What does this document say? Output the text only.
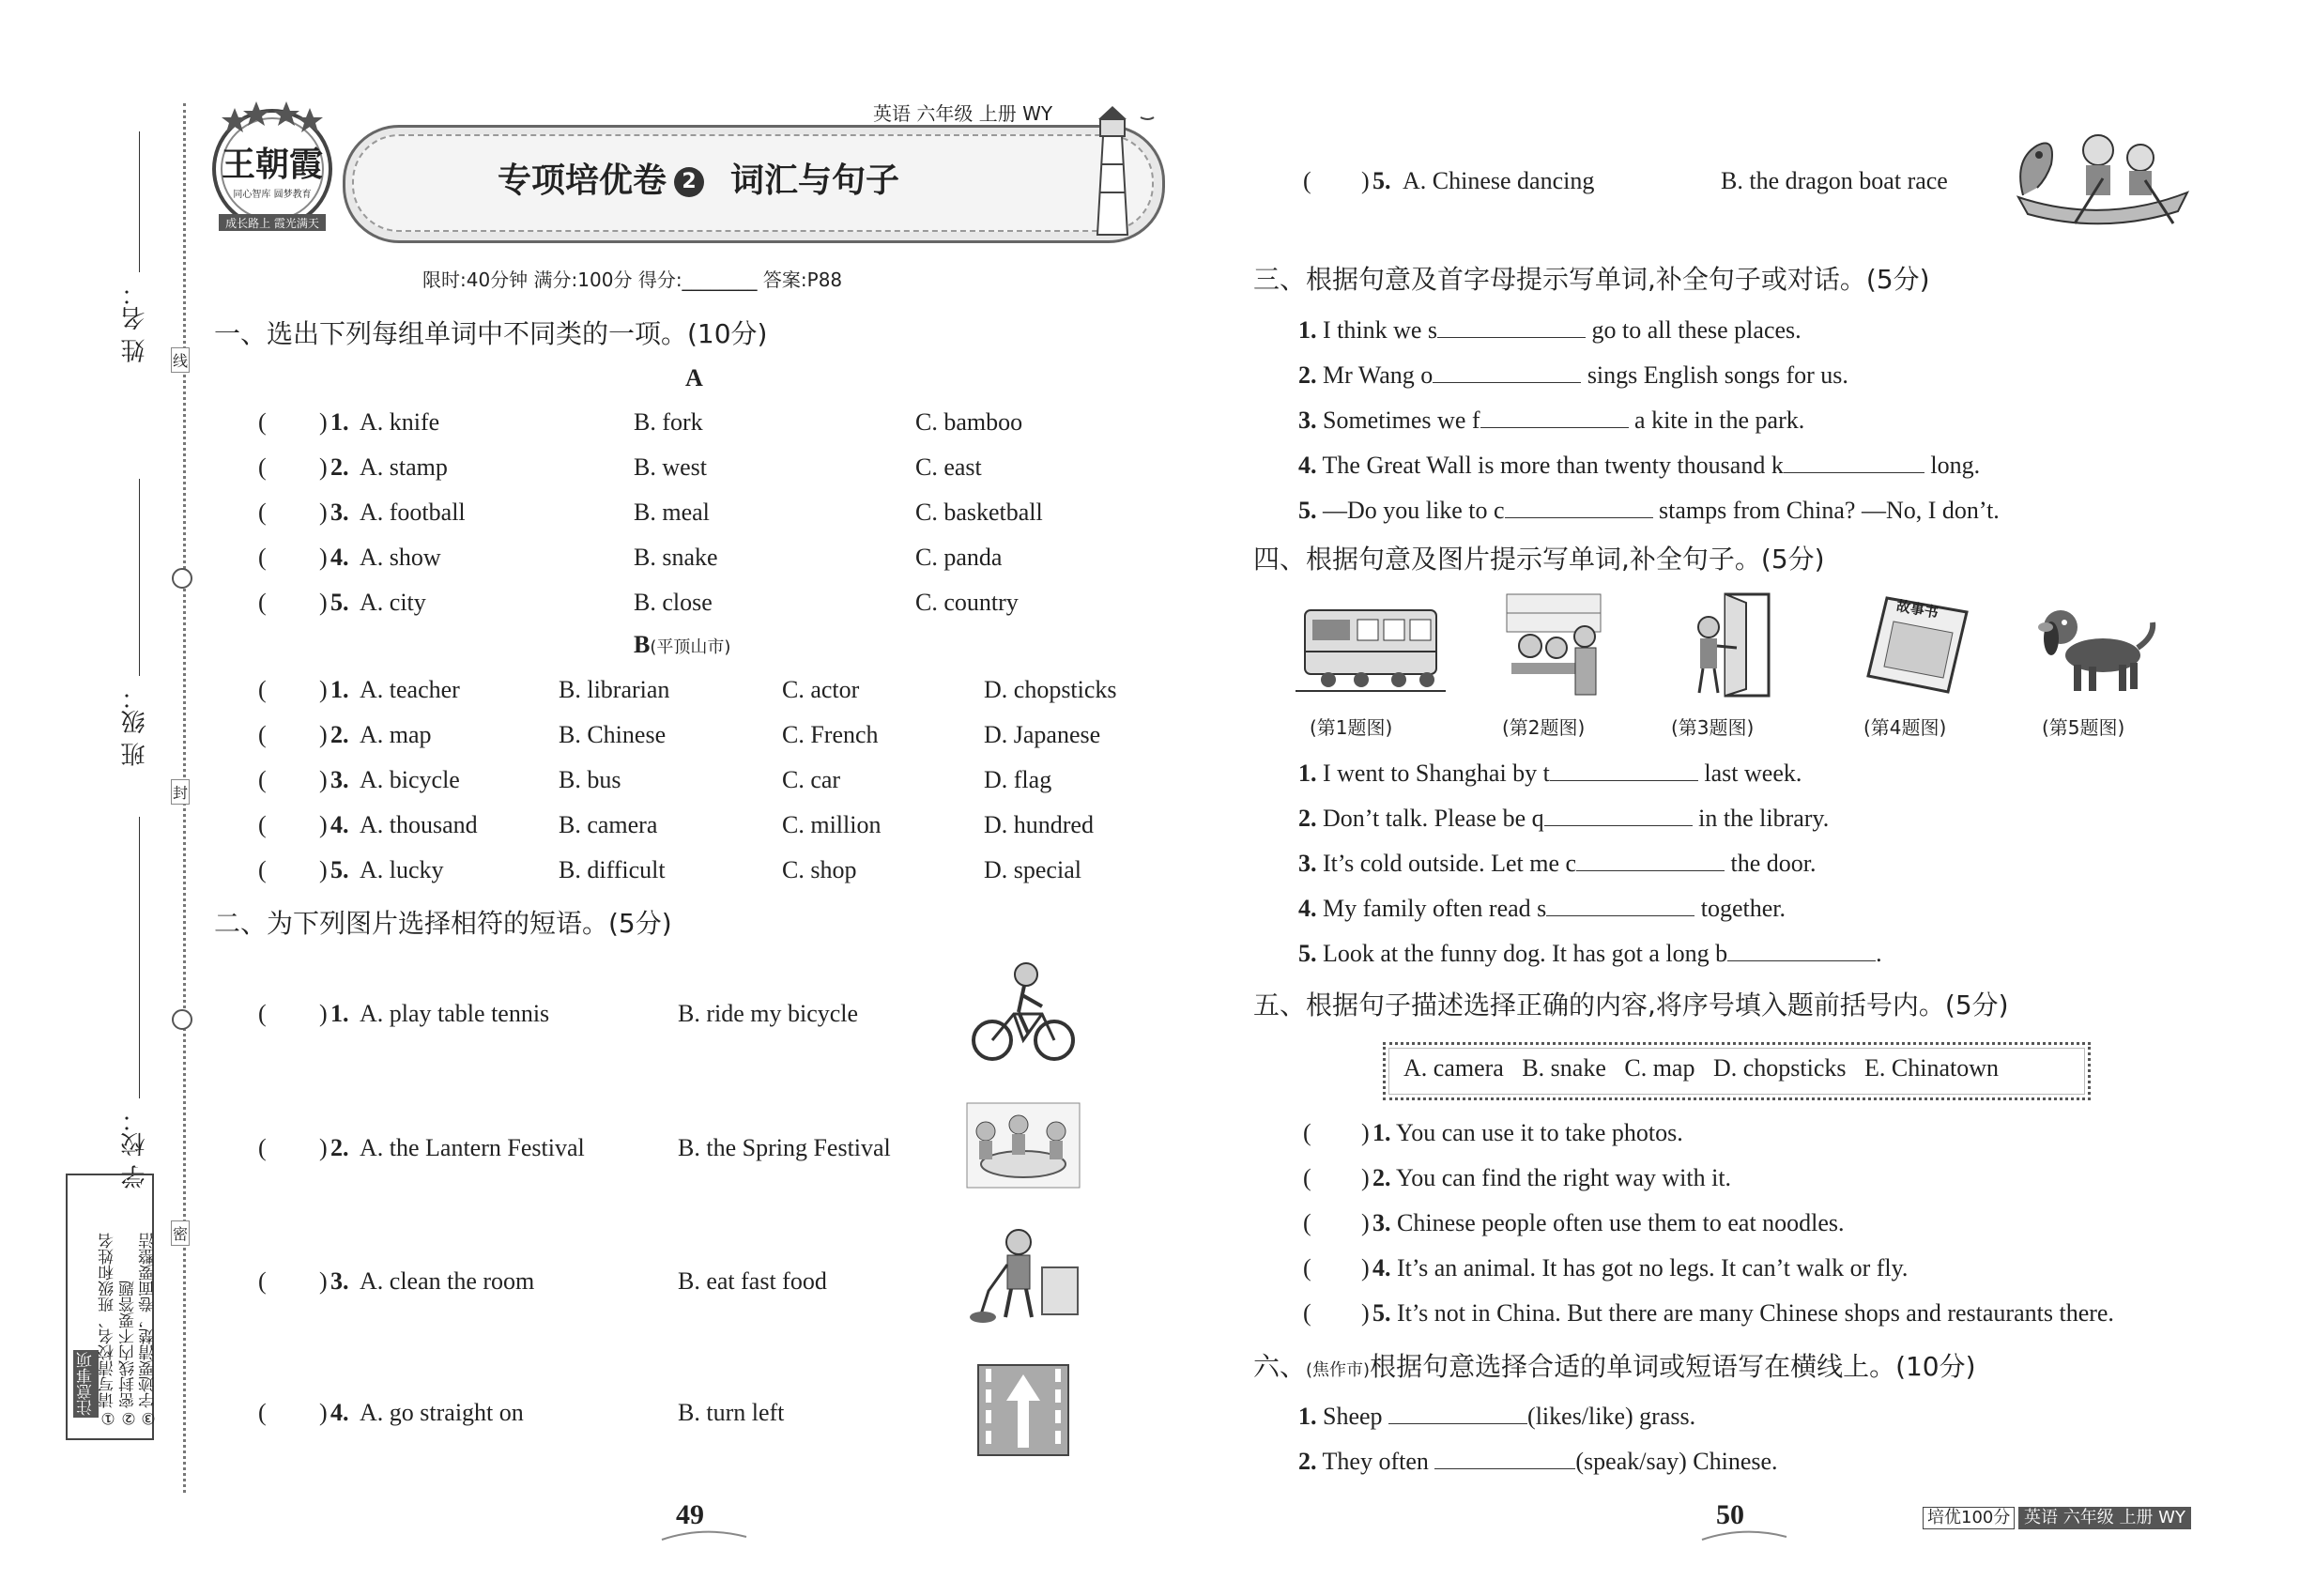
姓 名：
班 级：
学 校：
线
封
密
注意事项 ①请写清校名、班级和姓名 ②密封线内不要答题 ③字迹要清楚，卷面要整洁
王朝霞
同心智库 圆梦教育
成长路上 霞光满天
英语 六年级 上册 WY
专项培优卷 2 词汇与句子
限时:40分钟 满分:100分 得分:________ 答案:P88
一、选出下列每组单词中不同类的一项。(10分)
A
( ) 1. A. knife	B. fork	C. bamboo
( ) 2. A. stamp	B. west	C. east
( ) 3. A. football	B. meal	C. basketball
( ) 4. A. show	B. snake	C. panda
( ) 5. A. city	B. close	C. country
B(平顶山市)
( ) 1. A. teacher	B. librarian	C. actor	D. chopsticks
( ) 2. A. map	B. Chinese	C. French	D. Japanese
( ) 3. A. bicycle	B. bus	C. car	D. flag
( ) 4. A. thousand	B. camera	C. million	D. hundred
( ) 5. A. lucky	B. difficult	C. shop	D. special
二、为下列图片选择相符的短语。(5分)
( ) 1. A. play table tennis	B. ride my bicycle
( ) 2. A. the Lantern Festival	B. the Spring Festival
( ) 3. A. clean the room	B. eat fast food
( ) 4. A. go straight on	B. turn left
49
( ) 5. A. Chinese dancing	B. the dragon boat race
三、根据句意及首字母提示写单词,补全句子或对话。(5分)
1. I think we s	go to all these places.
2. Mr Wang o	sings English songs for us.
3. Sometimes we f	a kite in the park.
4. The Great Wall is more than twenty thousand k	long.
5. —Do you like to c	stamps from China? —No, I don’t.
四、根据句意及图片提示写单词,补全句子。(5分)
故事书
(第1题图)	(第2题图)	(第3题图)	(第4题图)	(第5题图)
1. I went to Shanghai by t	last week.
2. Don’t talk. Please be q	in the library.
3. It’s cold outside. Let me c	the door.
4. My family often read s	together.
5. Look at the funny dog. It has got a long b	.
五、根据句子描述选择正确的内容,将序号填入题前括号内。(5分)
A. camera   B. snake   C. map   D. chopsticks   E. Chinatown
( ) 1. You can use it to take photos.
( ) 2. You can find the right way with it.
( ) 3. Chinese people often use them to eat noodles.
( ) 4. It’s an animal. It has got no legs. It can’t walk or fly.
( ) 5. It’s not in China. But there are many Chinese shops and restaurants there.
六、(焦作市)根据句意选择合适的单词或短语写在横线上。(10分)
1. Sheep	(likes/like) grass.
2. They often	(speak/say) Chinese.
50	培优100分 英语 六年级 上册 WY
